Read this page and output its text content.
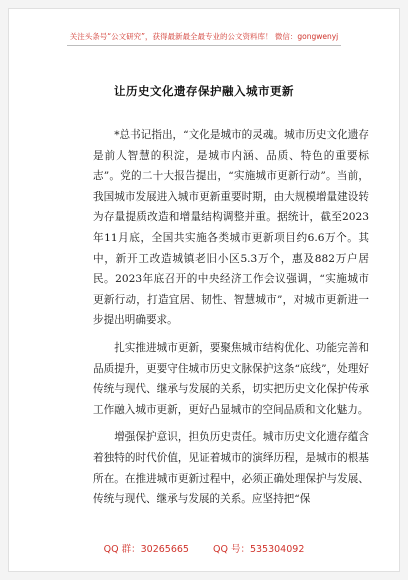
关注头条号“公文研究”，获得最新最全最专业的公文资料库！ 微信：gongwenyj
让历史文化遗存保护融入城市更新

*总书记指出，“文化是城市的灵魂。城市历史文化遗存是前人智慧的积淀，是城市内涵、品质、特色的重要标志”。党的二十大报告提出，“实施城市更新行动”。当前，我国城市发展进入城市更新重要时期，由大规模增量建设转为存量提质改造和增量结构调整并重。据统计，截至2023年11月底，全国共实施各类城市更新项目约6.6万个。其中，新开工改造城镇老旧小区5.3万个，惠及882万户居民。2023年底召开的中央经济工作会议强调，“实施城市更新行动，打造宜居、韧性、智慧城市”，对城市更新进一步提出明确要求。

扎实推进城市更新，要聚焦城市结构优化、功能完善和品质提升，更要守住城市历史文脉保护这条“底线”，处理好传统与现代、继承与发展的关系，切实把历史文化保护传承工作融入城市更新，更好凸显城市的空间品质和文化魅力。

增强保护意识，担负历史责任。城市历史文化遗存蕴含着独特的时代价值，见证着城市的演绎历程，是城市的根基所在。在推进城市更新过程中，必须正确处理保护与发展、传统与现代、继承与发展的关系。应坚持把“保

QQ 群：30265665	QQ 号：535304092
